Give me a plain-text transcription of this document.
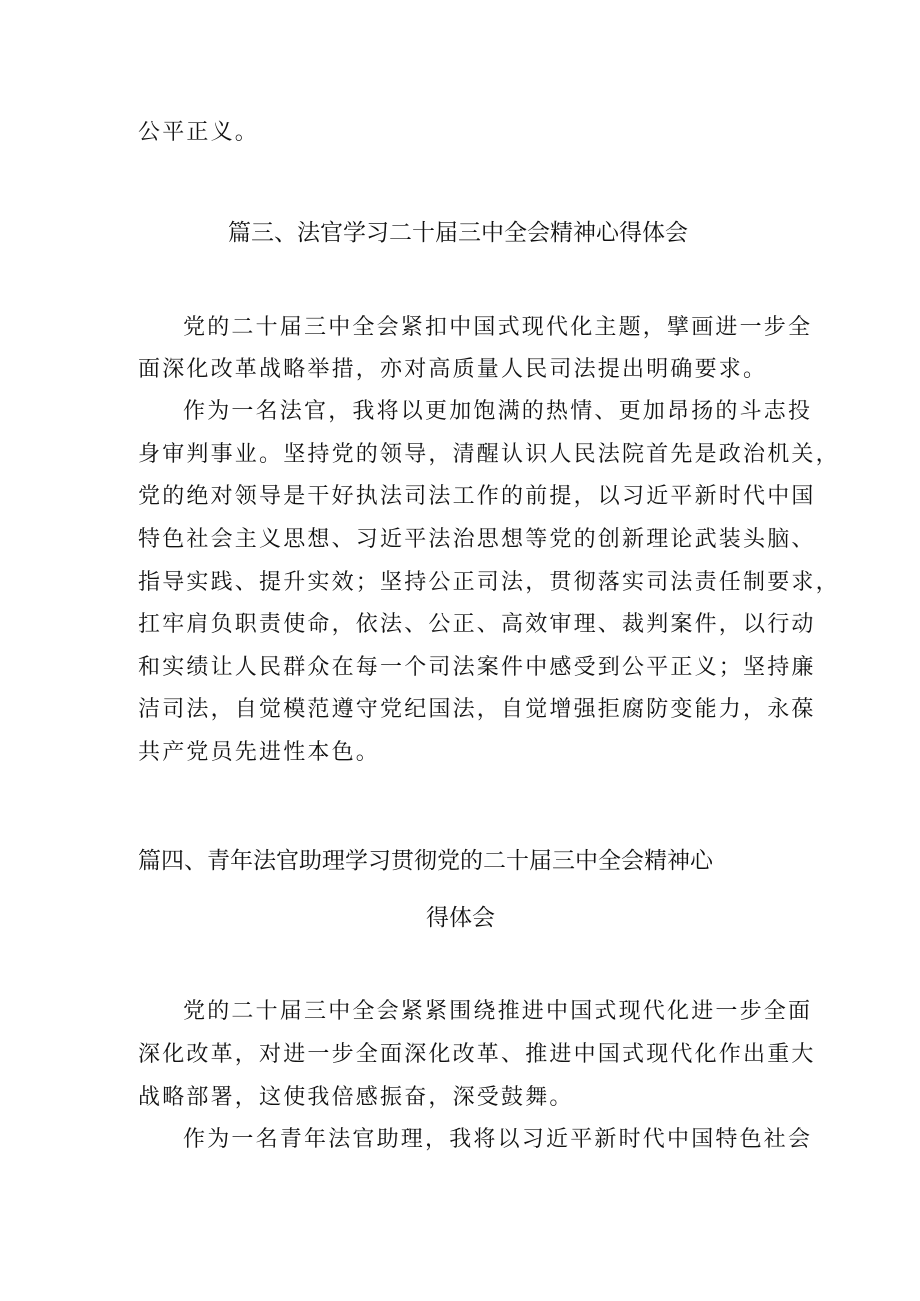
公平正义。
篇三、法官学习二十届三中全会精神心得体会
党的二十届三中全会紧扣中国式现代化主题，擘画进一步全
面深化改革战略举措，亦对高质量人民司法提出明确要求。
作为一名法官，我将以更加饱满的热情、更加昂扬的斗志投
身审判事业。坚持党的领导，清醒认识人民法院首先是政治机关，
党的绝对领导是干好执法司法工作的前提，以习近平新时代中国
特色社会主义思想、习近平法治思想等党的创新理论武装头脑、
指导实践、提升实效；坚持公正司法，贯彻落实司法责任制要求，
扛牢肩负职责使命，依法、公正、高效审理、裁判案件，以行动
和实绩让人民群众在每一个司法案件中感受到公平正义；坚持廉
洁司法，自觉模范遵守党纪国法，自觉增强拒腐防变能力，永葆
共产党员先进性本色。
篇四、青年法官助理学习贯彻党的二十届三中全会精神心
得体会
党的二十届三中全会紧紧围绕推进中国式现代化进一步全面
深化改革，对进一步全面深化改革、推进中国式现代化作出重大
战略部署，这使我倍感振奋，深受鼓舞。
作为一名青年法官助理，我将以习近平新时代中国特色社会
